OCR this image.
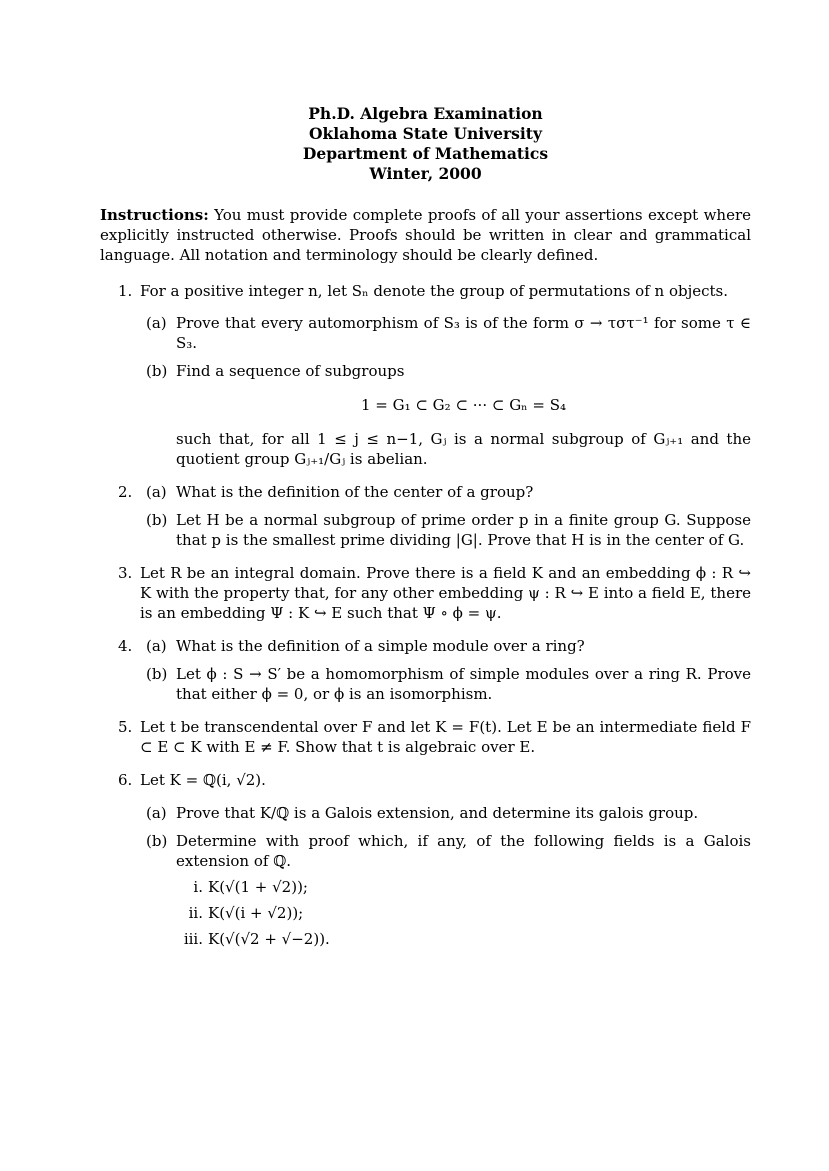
Ph.D. Algebra Examination
Oklahoma State University
Department of Mathematics
Winter, 2000
Instructions: You must provide complete proofs of all your assertions except where explicitly instructed otherwise. Proofs should be written in clear and grammatical language. All notation and terminology should be clearly defined.
1. For a positive integer n, let Sₙ denote the group of permutations of n objects.
(a) Prove that every automorphism of S₃ is of the form σ → τστ⁻¹ for some τ ∈ S₃.
(b) Find a sequence of subgroups
1 = G₁ ⊂ G₂ ⊂ ··· ⊂ Gₙ = S₄
such that, for all 1 ≤ j ≤ n−1, Gⱼ is a normal subgroup of Gⱼ₊₁ and the quotient group Gⱼ₊₁/Gⱼ is abelian.
2. (a) What is the definition of the center of a group?
(b) Let H be a normal subgroup of prime order p in a finite group G. Suppose that p is the smallest prime dividing |G|. Prove that H is in the center of G.
3. Let R be an integral domain. Prove there is a field K and an embedding ϕ : R ↪ K with the property that, for any other embedding ψ : R ↪ E into a field E, there is an embedding Ψ : K ↪ E such that Ψ ∘ ϕ = ψ.
4. (a) What is the definition of a simple module over a ring?
(b) Let ϕ : S → S′ be a homomorphism of simple modules over a ring R. Prove that either ϕ = 0, or ϕ is an isomorphism.
5. Let t be transcendental over F and let K = F(t). Let E be an intermediate field F ⊂ E ⊂ K with E ≠ F. Show that t is algebraic over E.
6. Let K = ℚ(i, √2).
(a) Prove that K/ℚ is a Galois extension, and determine its galois group.
(b) Determine with proof which, if any, of the following fields is a Galois extension of ℚ.
i. K(√(1 + √2));
ii. K(√(i + √2));
iii. K(√(√2 + √−2)).
